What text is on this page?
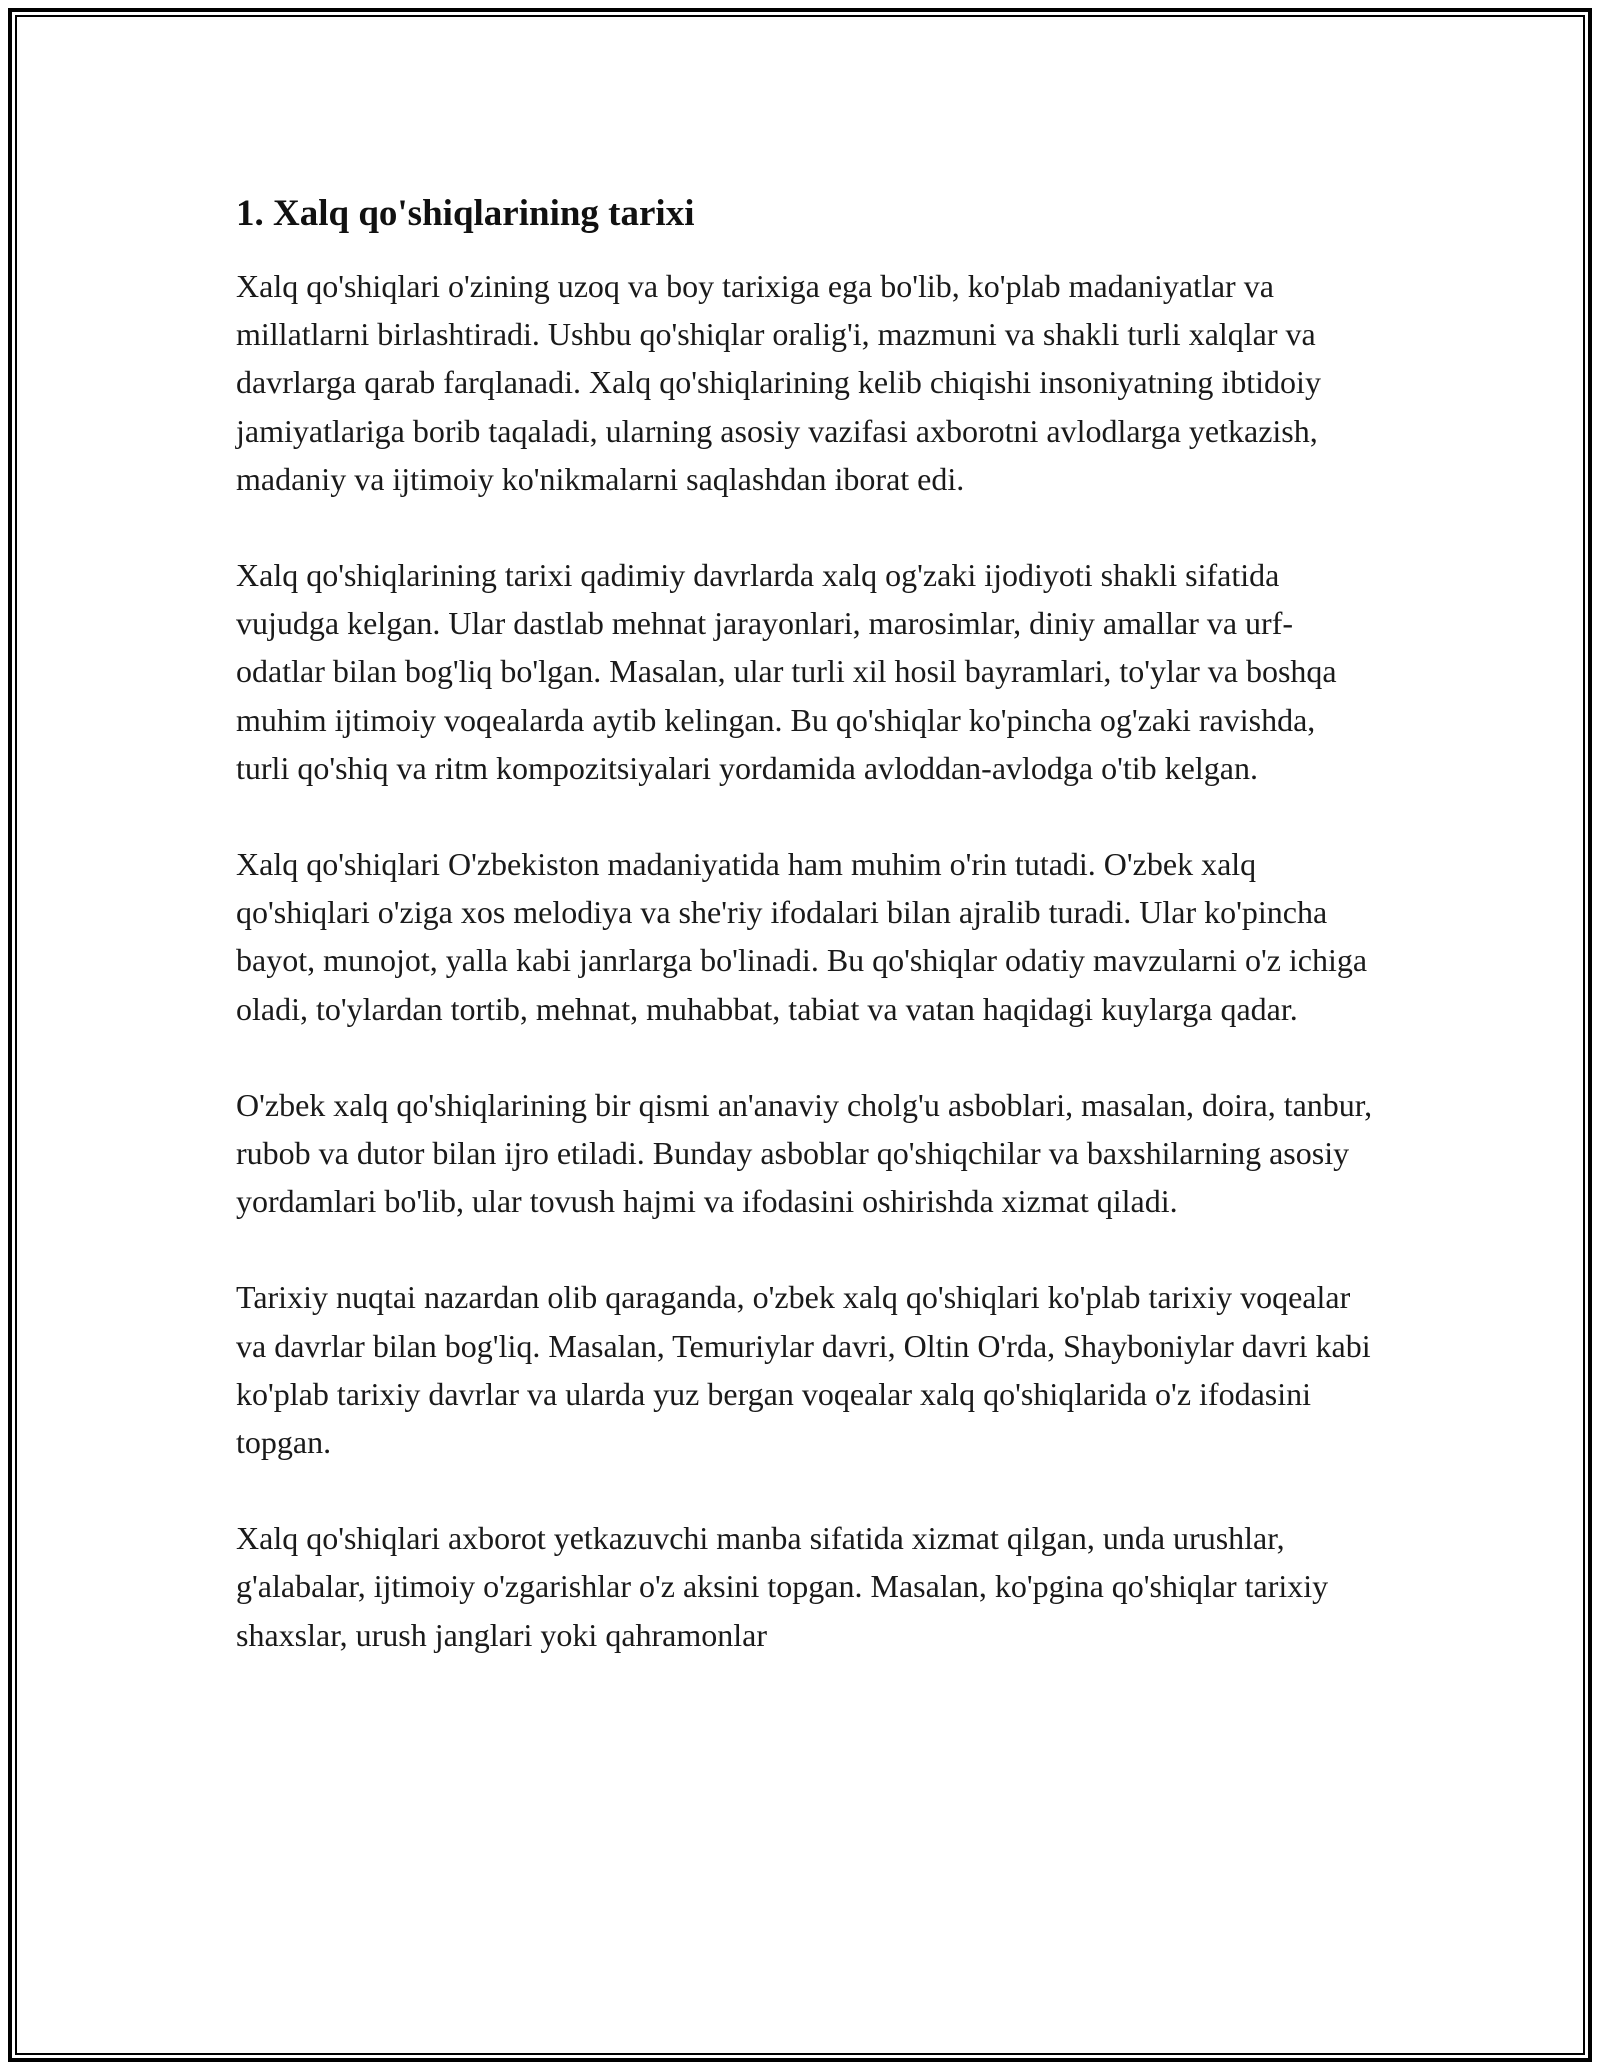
1. Xalq qo'shiqlarining tarixi

Xalq qo'shiqlari o'zining uzoq va boy tarixiga ega bo'lib, ko'plab madaniyatlar va millatlarni birlashtiradi. Ushbu qo'shiqlar oralig'i, mazmuni va shakli turli xalqlar va davrlarga qarab farqlanadi. Xalq qo'shiqlarining kelib chiqishi insoniyatning ibtidoiy jamiyatlariga borib taqaladi, ularning asosiy vazifasi axborotni avlodlarga yetkazish, madaniy va ijtimoiy ko'nikmalarni saqlashdan iborat edi.

Xalq qo'shiqlarining tarixi qadimiy davrlarda xalq og'zaki ijodiyoti shakli sifatida vujudga kelgan. Ular dastlab mehnat jarayonlari, marosimlar, diniy amallar va urf-odatlar bilan bog'liq bo'lgan. Masalan, ular turli xil hosil bayramlari, to'ylar va boshqa muhim ijtimoiy voqealarda aytib kelingan. Bu qo'shiqlar ko'pincha og'zaki ravishda, turli qo'shiq va ritm kompozitsiyalari yordamida avloddan-avlodga o'tib kelgan.

Xalq qo'shiqlari O'zbekiston madaniyatida ham muhim o'rin tutadi. O'zbek xalq qo'shiqlari o'ziga xos melodiya va she'riy ifodalari bilan ajralib turadi. Ular ko'pincha bayot, munojot, yalla kabi janrlarga bo'linadi. Bu qo'shiqlar odatiy mavzularni o'z ichiga oladi, to'ylardan tortib, mehnat, muhabbat, tabiat va vatan haqidagi kuylarga qadar.

O'zbek xalq qo'shiqlarining bir qismi an'anaviy cholg'u asboblari, masalan, doira, tanbur, rubob va dutor bilan ijro etiladi. Bunday asboblar qo'shiqchilar va baxshilarning asosiy yordamlari bo'lib, ular tovush hajmi va ifodasini oshirishda xizmat qiladi.

Tarixiy nuqtai nazardan olib qaraganda, o'zbek xalq qo'shiqlari ko'plab tarixiy voqealar va davrlar bilan bog'liq. Masalan, Temuriylar davri, Oltin O'rda, Shayboniylar davri kabi ko'plab tarixiy davrlar va ularda yuz bergan voqealar xalq qo'shiqlarida o'z ifodasini topgan.

Xalq qo'shiqlari axborot yetkazuvchi manba sifatida xizmat qilgan, unda urushlar, g'alabalar, ijtimoiy o'zgarishlar o'z aksini topgan. Masalan, ko'pgina qo'shiqlar tarixiy shaxslar, urush janglari yoki qahramonlar
